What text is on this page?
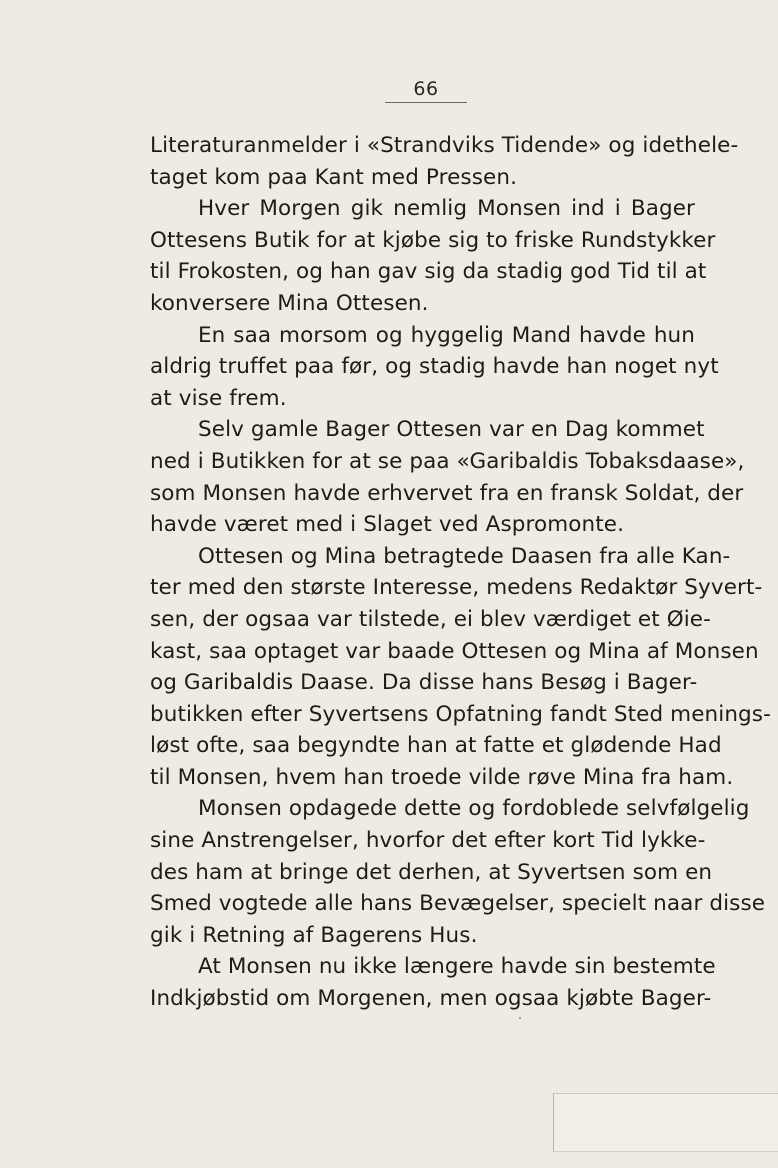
66
Literaturanmelder i «Strandviks Tidende» og idethele-
taget kom paa Kant med Pressen.
Hver Morgen gik nemlig Monsen ind i Bager
Ottesens Butik for at kjøbe sig to friske Rundstykker
til Frokosten, og han gav sig da stadig god Tid til at
konversere Mina Ottesen.
En saa morsom og hyggelig Mand havde hun
aldrig truffet paa før, og stadig havde han noget nyt
at vise frem.
Selv gamle Bager Ottesen var en Dag kommet
ned i Butikken for at se paa «Garibaldis Tobaksdaase»,
som Monsen havde erhvervet fra en fransk Soldat, der
havde været med i Slaget ved Aspromonte.
Ottesen og Mina betragtede Daasen fra alle Kan-
ter med den største Interesse, medens Redaktør Syvert-
sen, der ogsaa var tilstede, ei blev værdiget et Øie-
kast, saa optaget var baade Ottesen og Mina af Monsen
og Garibaldis Daase. Da disse hans Besøg i Bager-
butikken efter Syvertsens Opfatning fandt Sted menings-
løst ofte, saa begyndte han at fatte et glødende Had
til Monsen, hvem han troede vilde røve Mina fra ham.
Monsen opdagede dette og fordoblede selvfølgelig
sine Anstrengelser, hvorfor det efter kort Tid lykke-
des ham at bringe det derhen, at Syvertsen som en
Smed vogtede alle hans Bevægelser, specielt naar disse
gik i Retning af Bagerens Hus.
At Monsen nu ikke længere havde sin bestemte
Indkjøbstid om Morgenen, men ogsaa kjøbte Bager-
